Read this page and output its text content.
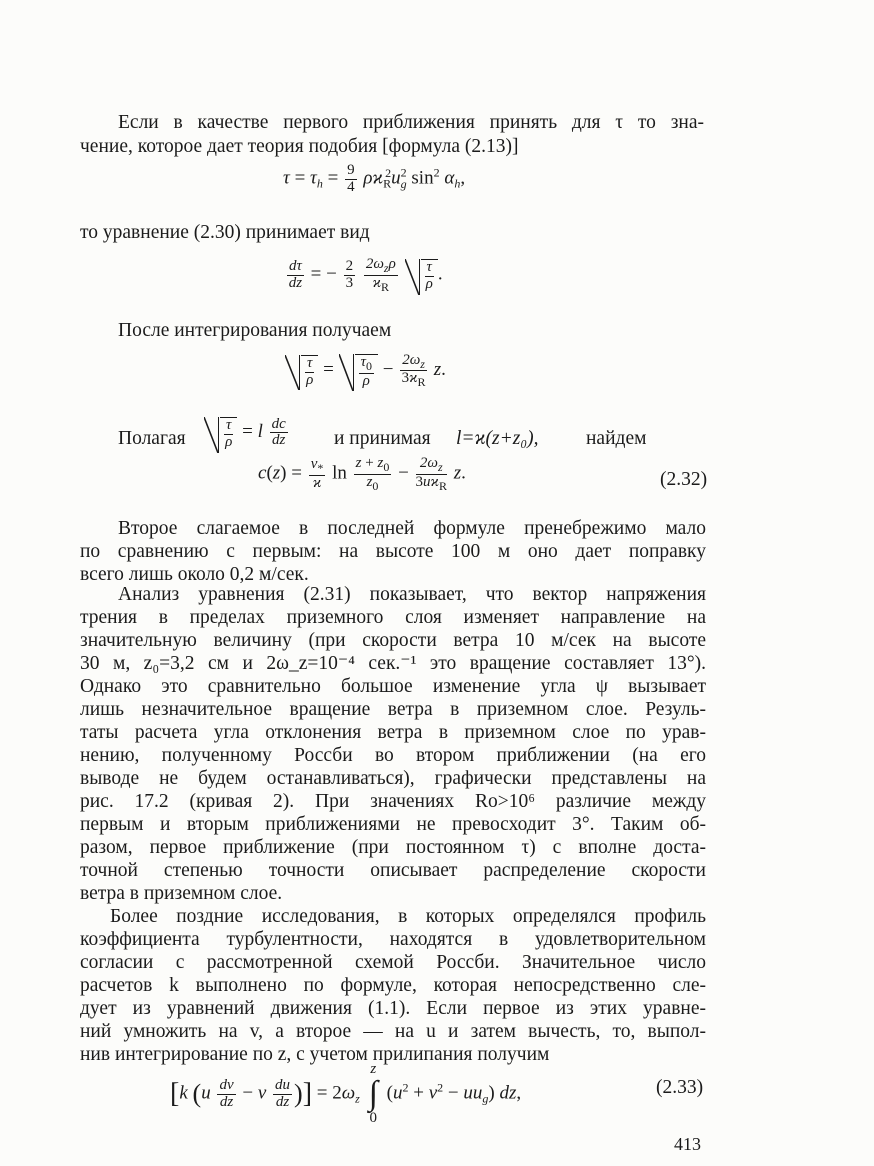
Если в качестве первого приближения принять для τ то зна-
чение, которое дает теория подобия [формула (2.13)]
$\tau = \tau_h = \frac{9}{4} \rho ϰ_R^2u^2_g$ $\sin^2 \alpha_h$,
то уравнение (2.30) принимает вид
$\frac{d\tau}{dz}$ = − $\frac{2}{3}$
$\frac{2\omega_z\rho}{ϰ_R}$
$\frac{\tau}{\rho}$ .
После интегрирования получаем
$\frac{\tau}{\rho} = \frac{\tau_0}{\rho} - \frac{2\omega_z}{3ϰ_R} z$.
Полагая	$\frac{\tau}{\rho} = l \frac{dc}{dz}$ и принимая l=ϰ(z+z₀), найдем
$c(z) = \frac{v_*}{ϰ}$ $\ln \frac{z + z_0}{z_0} - \frac{2\omega_z}{3uϰ_R} z$.	(2.32)
Второе слагаемое в последней формуле пренебрежимо мало
по сравнению с первым: на высоте 100 м оно дает поправку
всего лишь около 0,2 м/сек.
Анализ уравнения (2.31) показывает, что вектор напряжения
трения в пределах приземного слоя изменяет направление на
значительную величину (при скорости ветра 10 м/сек на высоте
30 м, z₀=3,2 см и 2ω_z=10⁻⁴ сек.⁻¹ это вращение составляет 13°).
Однако это сравнительно большое изменение угла ψ вызывает
лишь незначительное вращение ветра в приземном слое. Резуль-
таты расчета угла отклонения ветра в приземном слое по урав-
нению, полученному Россби во втором приближении (на его
выводе не будем останавливаться), графически представлены на
рис. 17.2 (кривая 2). При значениях Ro>10⁶ различие между
первым и вторым приближениями не превосходит 3°. Таким об-
разом, первое приближение (при постоянном τ) с вполне доста-
точной степенью точности описывает распределение скорости
ветра в приземном слое.
Более поздние исследования, в которых определялся профиль
коэффициента турбулентности, находятся в удовлетворительном
согласии с рассмотренной схемой Россби. Значительное число
расчетов k выполнено по формуле, которая непосредственно сле-
дует из уравнений движения (1.1). Если первое из этих уравне-
ний умножить на v, а второе — на u и затем вычесть, то, выпол-
нив интегрирование по z, с учетом прилипания получим
[k ($u \frac{dv}{dz} - v \frac{du}{dz}$ )] = $2\omega_z$ z
∫
0 $(u^2 + v^2 - uu_g)$ dz,	(2.33)
413
